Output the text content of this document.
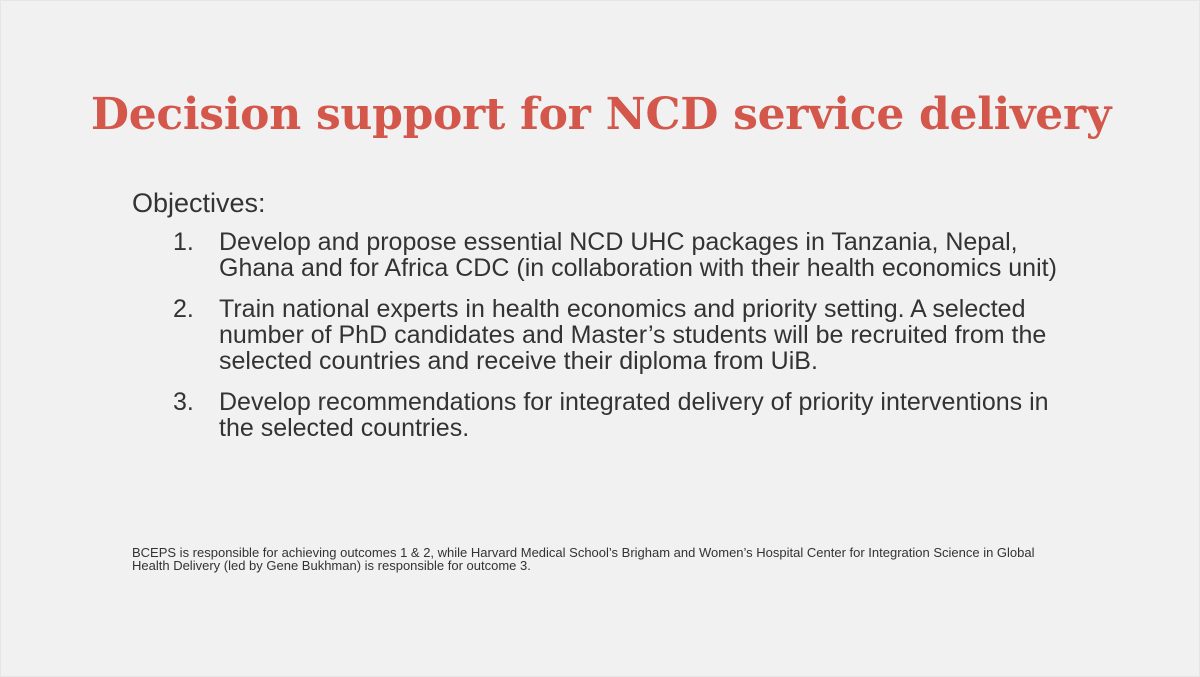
Decision support for NCD service delivery
Objectives:
1. Develop and propose essential NCD UHC packages in Tanzania, Nepal, Ghana and for Africa CDC (in collaboration with their health economics unit)
2. Train national experts in health economics and priority setting. A selected number of PhD candidates and Master’s students will be recruited from the selected countries and receive their diploma from UiB.
3. Develop recommendations for integrated delivery of priority interventions in the selected countries.
BCEPS is responsible for achieving outcomes 1 & 2, while Harvard Medical School’s Brigham and Women’s Hospital Center for Integration Science in Global Health Delivery (led by Gene Bukhman) is responsible for outcome 3.
